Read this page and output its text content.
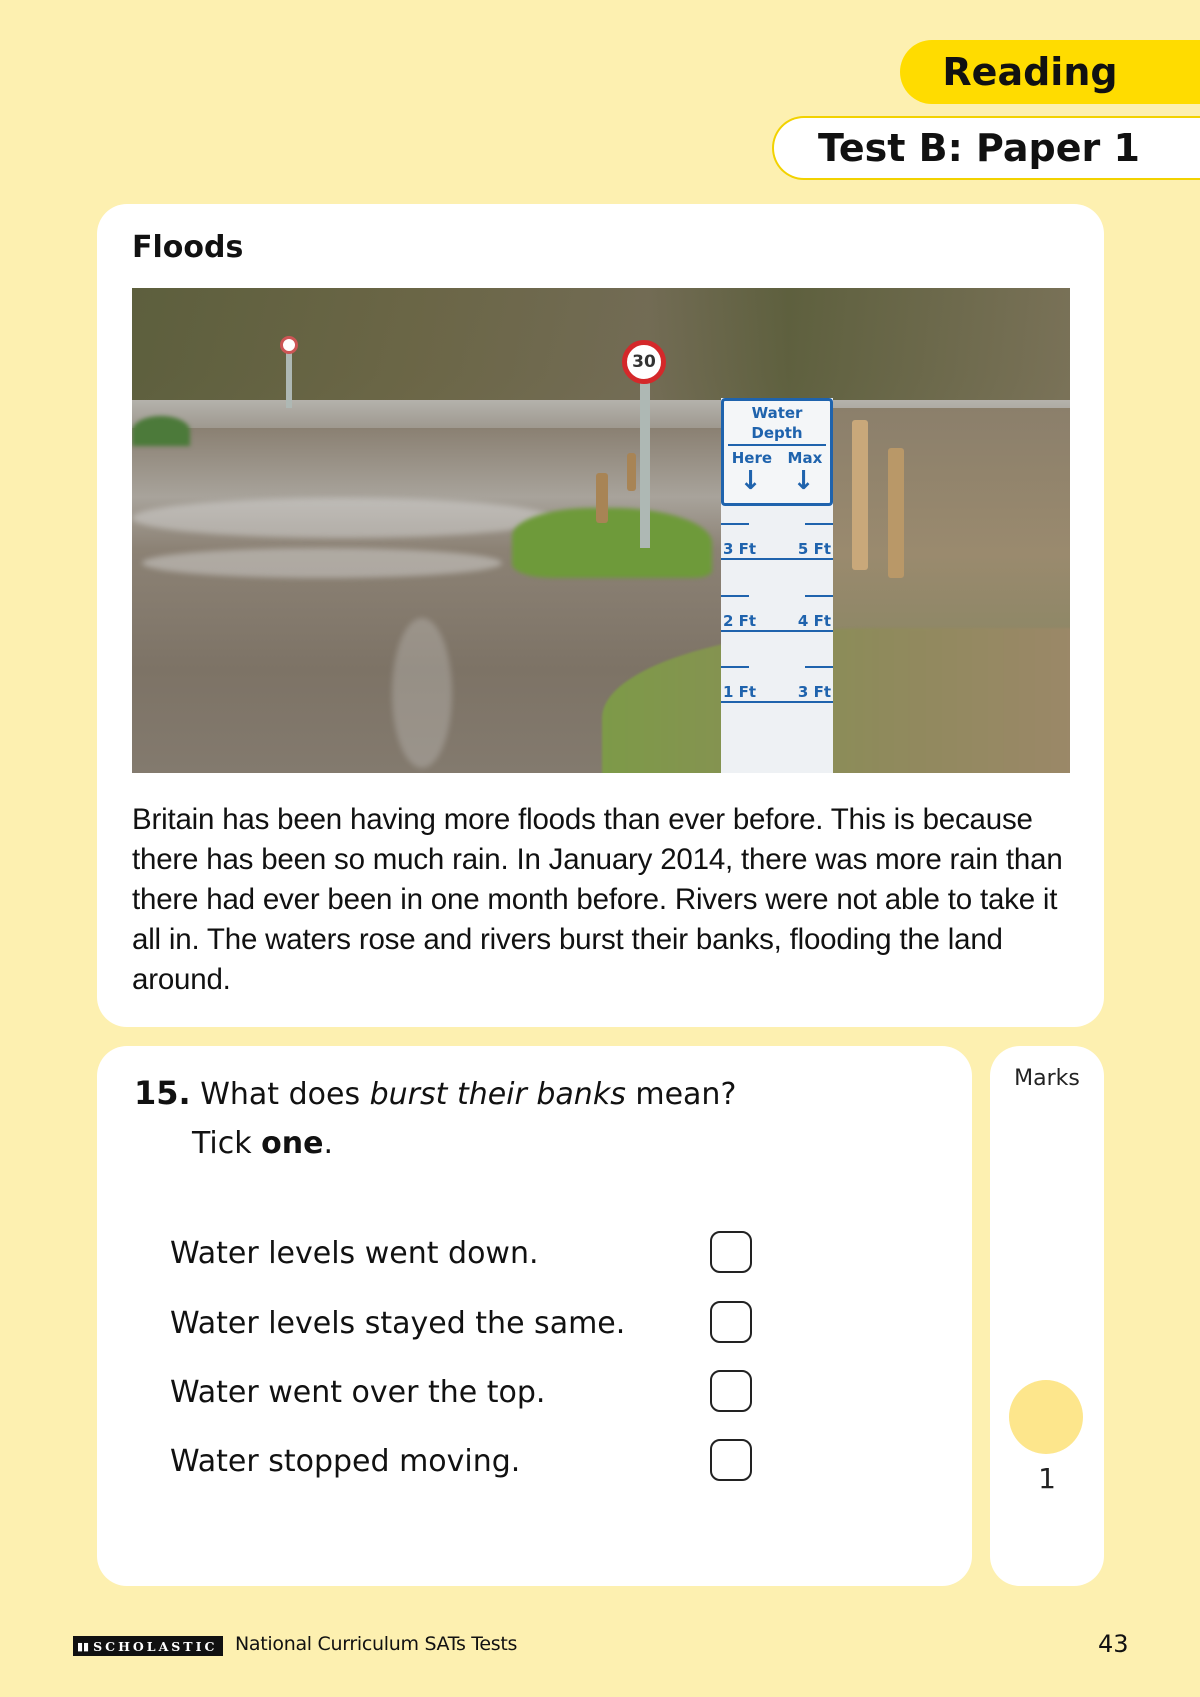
Reading
Test B: Paper 1
Floods
30
Water
Depth
Here Max
↓ ↓
3 Ft	5 Ft
2 Ft	4 Ft
1 Ft	3 Ft

Britain has been having more floods than ever before. This is because there has been so much rain. In January 2014, there was more rain than there had ever been in one month before. Rivers were not able to take it all in. The waters rose and rivers burst their banks, flooding the land around.

15. What does burst their banks mean?
Tick one.
Water levels went down.
Water levels stayed the same.
Water went over the top.
Water stopped moving.
Marks
1
▮▮ SCHOLASTIC National Curriculum SATs Tests	43
